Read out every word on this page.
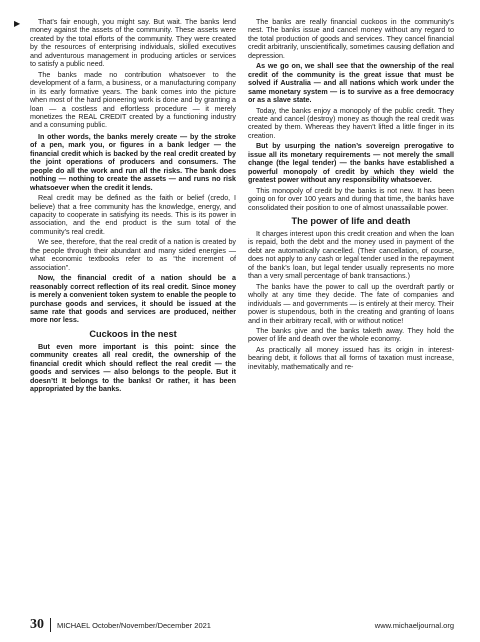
▶	That’s fair enough, you might say. But wait. The banks lend money against the assets of the community. These assets were created by the total efforts of the community. They were created by the resources of enterprising individuals, skilled executives and adventurous management in producing articles or services to satisfy a public need.

The banks made no contribution whatsoever to the development of a farm, a business, or a manufacturing company in its early formative years. The bank comes into the picture when most of the hard pioneering work is done and by granting a loan — a costless and effortless procedure — it merely monetizes the REAL CREDIT created by a functioning industry and a consuming public.

In other words, the banks merely create — by the stroke of a pen, mark you, or figures in a bank ledger — the financial credit which is backed by the real credit created by the joint operations of producers and consumers. The people do all the work and run all the risks. The bank does nothing — nothing to create the assets — and runs no risk whatsoever when the credit it lends.

Real credit may be defined as the faith or belief (credo, I believe) that a free community has the knowledge, energy, and capacity to cooperate in satisfying its needs. This is its power in association, and the end product is the sum total of the community’s real credit.

We see, therefore, that the real credit of a nation is created by the people through their abundant and many sided energies — what economic textbooks refer to as “the increment of association”.

Now, the financial credit of a nation should be a reasonably correct reflection of its real credit. Since money is merely a convenient token system to enable the people to purchase goods and services, it should be issued at the same rate that goods and services are produced, neither more nor less.

Cuckoos in the nest

But even more important is this point: since the community creates all real credit, the ownership of the financial credit which should reflect the real credit — the goods and services — also belongs to the people. But it doesn’t! It belongs to the banks! Or rather, it has been appropriated by the banks.

The banks are really financial cuckoos in the community’s nest. The banks issue and cancel money without any regard to the total production of goods and services. They cancel financial credit arbitrarily, unscientifically, sometimes causing deflation and depression.

As we go on, we shall see that the ownership of the real credit of the community is the great issue that must be solved if Australia — and all nations which work under the same monetary system — is to survive as a free democracy or as a slave state.

Today, the banks enjoy a monopoly of the public credit. They create and cancel (destroy) money as though the real credit was created by them. Whereas they haven’t lifted a little finger in its creation.

But by usurping the nation’s sovereign prerogative to issue all its monetary requirements — not merely the small change (the legal tender) — the banks have established a powerful monopoly of credit by which they wield the greatest power without any responsibility whatsoever.

This monopoly of credit by the banks is not new. It has been going on for over 100 years and during that time, the banks have consolidated their position to one of almost unassailable power.

The power of life and death

It charges interest upon this credit creation and when the loan is repaid, both the debt and the money used in payment of the debt are automatically cancelled. (Their cancellation, of course, does not apply to any cash or legal tender used in the repayment of the bank’s loan, but legal tender usually represents no more than a very small percentage of bank transactions.)

The banks have the power to call up the overdraft partly or wholly at any time they decide. The fate of companies and individuals — and governments — is entirely at their mercy. Their power is stupendous, both in the creating and granting of loans and in their arbitrary recall, with or without notice!

The banks give and the banks taketh away. They hold the power of life and death over the whole economy.

As practically all money issued has its origin in interest-bearing debt, it follows that all forms of taxation must increase, inevitably, mathematically and re-

30 MICHAEL October/November/December 2021	www.michaeljournal.org
